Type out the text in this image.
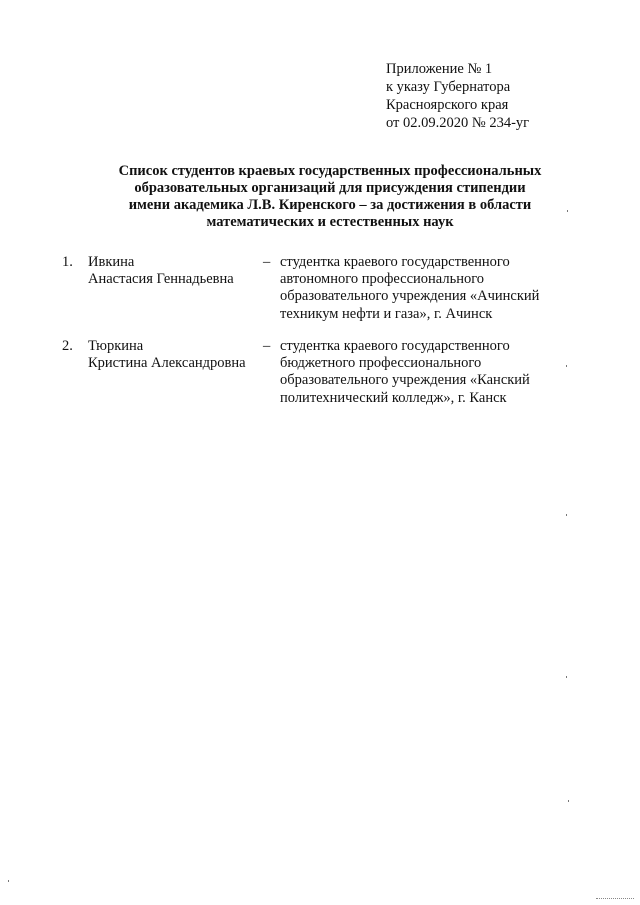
Приложение № 1
к указу Губернатора
Красноярского края
от 02.09.2020 № 234-уг
Список студентов краевых государственных профессиональных
образовательных организаций для присуждения стипендии
имени академика Л.В. Киренского – за достижения в области
математических и естественных наук
1. Ивкина
Анастасия Геннадьевна
– студентка краевого государственного
автономного профессионального
образовательного учреждения «Ачинский
техникум нефти и газа», г. Ачинск
2. Тюркина
Кристина Александровна
– студентка краевого государственного
бюджетного профессионального
образовательного учреждения «Канский
политехнический колледж», г. Канск
